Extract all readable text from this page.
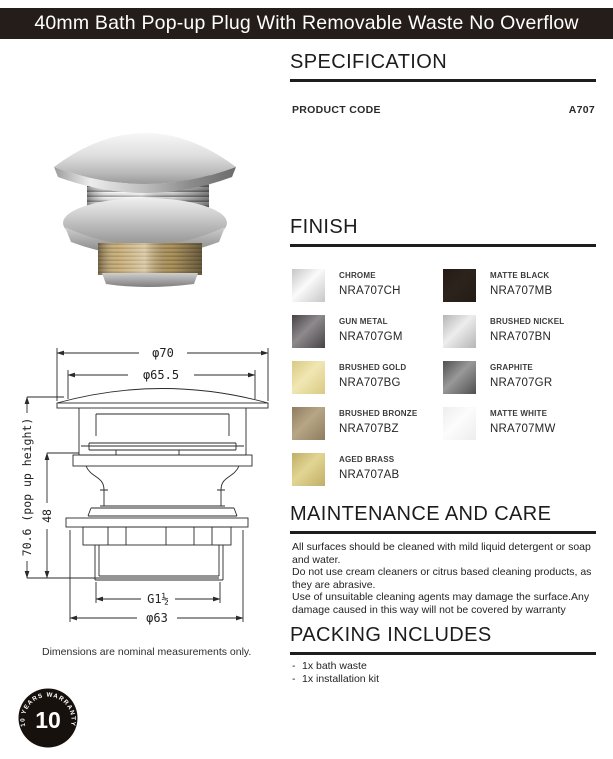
40mm Bath Pop-up Plug With Removable Waste No Overflow
φ70
φ65.5
70.6 (pop up height) 48
G1½
φ63
Dimensions are nominal measurements only.
10 YEARS WARRANTY
10
SPECIFICATION
PRODUCT CODE	A707
FINISH
CHROME
NRA707CH
MATTE BLACK
NRA707MB
GUN METAL
NRA707GM
BRUSHED NICKEL
NRA707BN
BRUSHED GOLD
NRA707BG
GRAPHITE
NRA707GR
BRUSHED BRONZE
NRA707BZ
MATTE WHITE
NRA707MW
AGED BRASS
NRA707AB
MAINTENANCE AND CARE
All surfaces should be cleaned with mild liquid detergent or soap and water.
Do not use cream cleaners or citrus based cleaning products, as they are abrasive.
Use of unsuitable cleaning agents may damage the surface.Any damage caused in this way will not be covered by warranty
PACKING INCLUDES
- 1x bath waste
- 1x installation kit
